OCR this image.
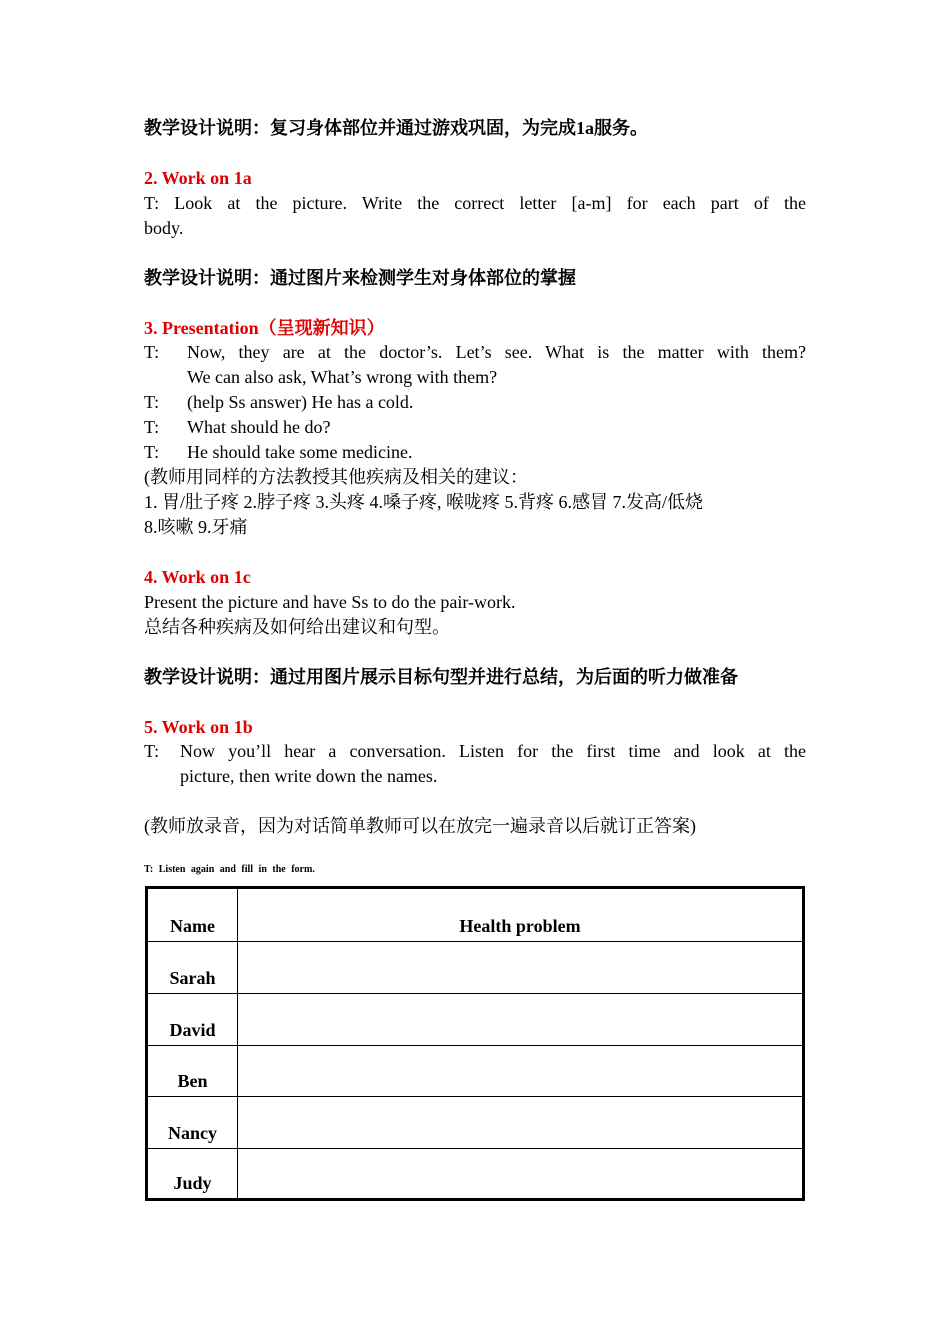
教学设计说明：复习身体部位并通过游戏巩固，为完成1a服务。
2. Work on 1a
T: Look at the picture. Write the correct letter [a-m] for each part of the
body.
教学设计说明：通过图片来检测学生对身体部位的掌握
3. Presentation（呈现新知识）
T: Now, they are at the doctor’s. Let’s see. What is the matter with them?
We can also ask, What’s wrong with them?
T: (help Ss answer) He has a cold.
T: What should he do?
T: He should take some medicine.
(教师用同样的方法教授其他疾病及相关的建议：
1. 胃/肚子疼 2.脖子疼 3.头疼 4.嗓子疼, 喉咙疼 5.背疼 6.感冒 7.发高/低烧
8.咳嗽 9.牙痛
4. Work on 1c
Present the picture and have Ss to do the pair-work.
总结各种疾病及如何给出建议和句型。
教学设计说明：通过用图片展示目标句型并进行总结，为后面的听力做准备
5. Work on 1b
T: Now you’ll hear a conversation. Listen for the first time and look at the
picture, then write down the names.
(教师放录音，因为对话简单教师可以在放完一遍录音以后就订正答案)
T: Listen again and fill in the form.
Name	Health problem
Sarah	
David	
Ben	
Nancy	
Judy	
